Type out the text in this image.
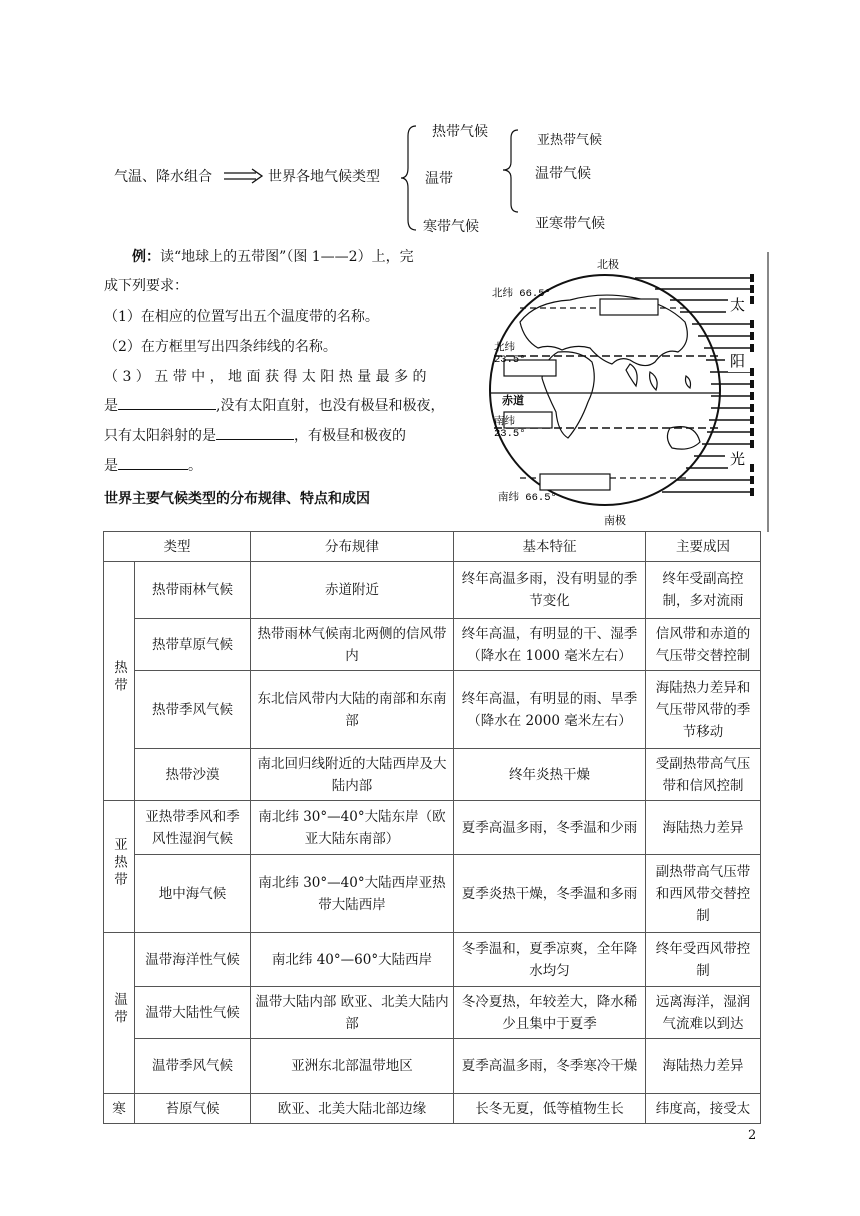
气温、降水组合	世界各地气候类型
热带气候
温带
寒带气候
亚热带气候
温带气候
亚寒带气候
例：读“地球上的五带图”（图 1——2）上，完
成下列要求：
（1）在相应的位置写出五个温度带的名称。
（2）在方框里写出四条纬线的名称。
（ 3 ） 五 带 中 ， 地 面 获 得 太 阳 热 量 最 多 的
是	,没有太阳直射，也没有极昼和极夜，
只有太阳斜射的是	，有极昼和极夜的
是	。
世界主要气候类型的分布规律、特点和成因
北极
北纬 66.5°
北纬
23.5°
赤道
南纬
23.5°
南纬 66.5°
南极
太
阳
光
类型		分布规律	基本特征	主要成因
热带	热带雨林气候	赤道附近	终年高温多雨，没有明显的季节变化	终年受副高控制，多对流雨
	热带草原气候	热带雨林气候南北两侧的信风带内	终年高温，有明显的干、湿季（降水在 1000 毫米左右）	信风带和赤道的气压带交替控制
	热带季风气候	东北信风带内大陆的南部和东南部	终年高温，有明显的雨、旱季（降水在 2000 毫米左右）	海陆热力差异和气压带风带的季节移动
	热带沙漠	南北回归线附近的大陆西岸及大陆内部	终年炎热干燥	受副热带高气压带和信风控制
亚热带	亚热带季风和季风性湿润气候	南北纬 30°—40°大陆东岸（欧亚大陆东南部）	夏季高温多雨，冬季温和少雨	海陆热力差异
	地中海气候	南北纬 30°—40°大陆西岸亚热带大陆西岸	夏季炎热干燥，冬季温和多雨	副热带高气压带和西风带交替控制
温带	温带海洋性气候	南北纬 40°—60°大陆西岸	冬季温和，夏季凉爽，全年降水均匀	终年受西风带控制
	温带大陆性气候	温带大陆内部 欧亚、北美大陆内部	冬冷夏热，年较差大，降水稀少且集中于夏季	远离海洋，湿润气流难以到达
	温带季风气候	亚洲东北部温带地区	夏季高温多雨，冬季寒冷干燥	海陆热力差异
寒	苔原气候	欧亚、北美大陆北部边缘	长冬无夏，低等植物生长	纬度高，接受太
2
